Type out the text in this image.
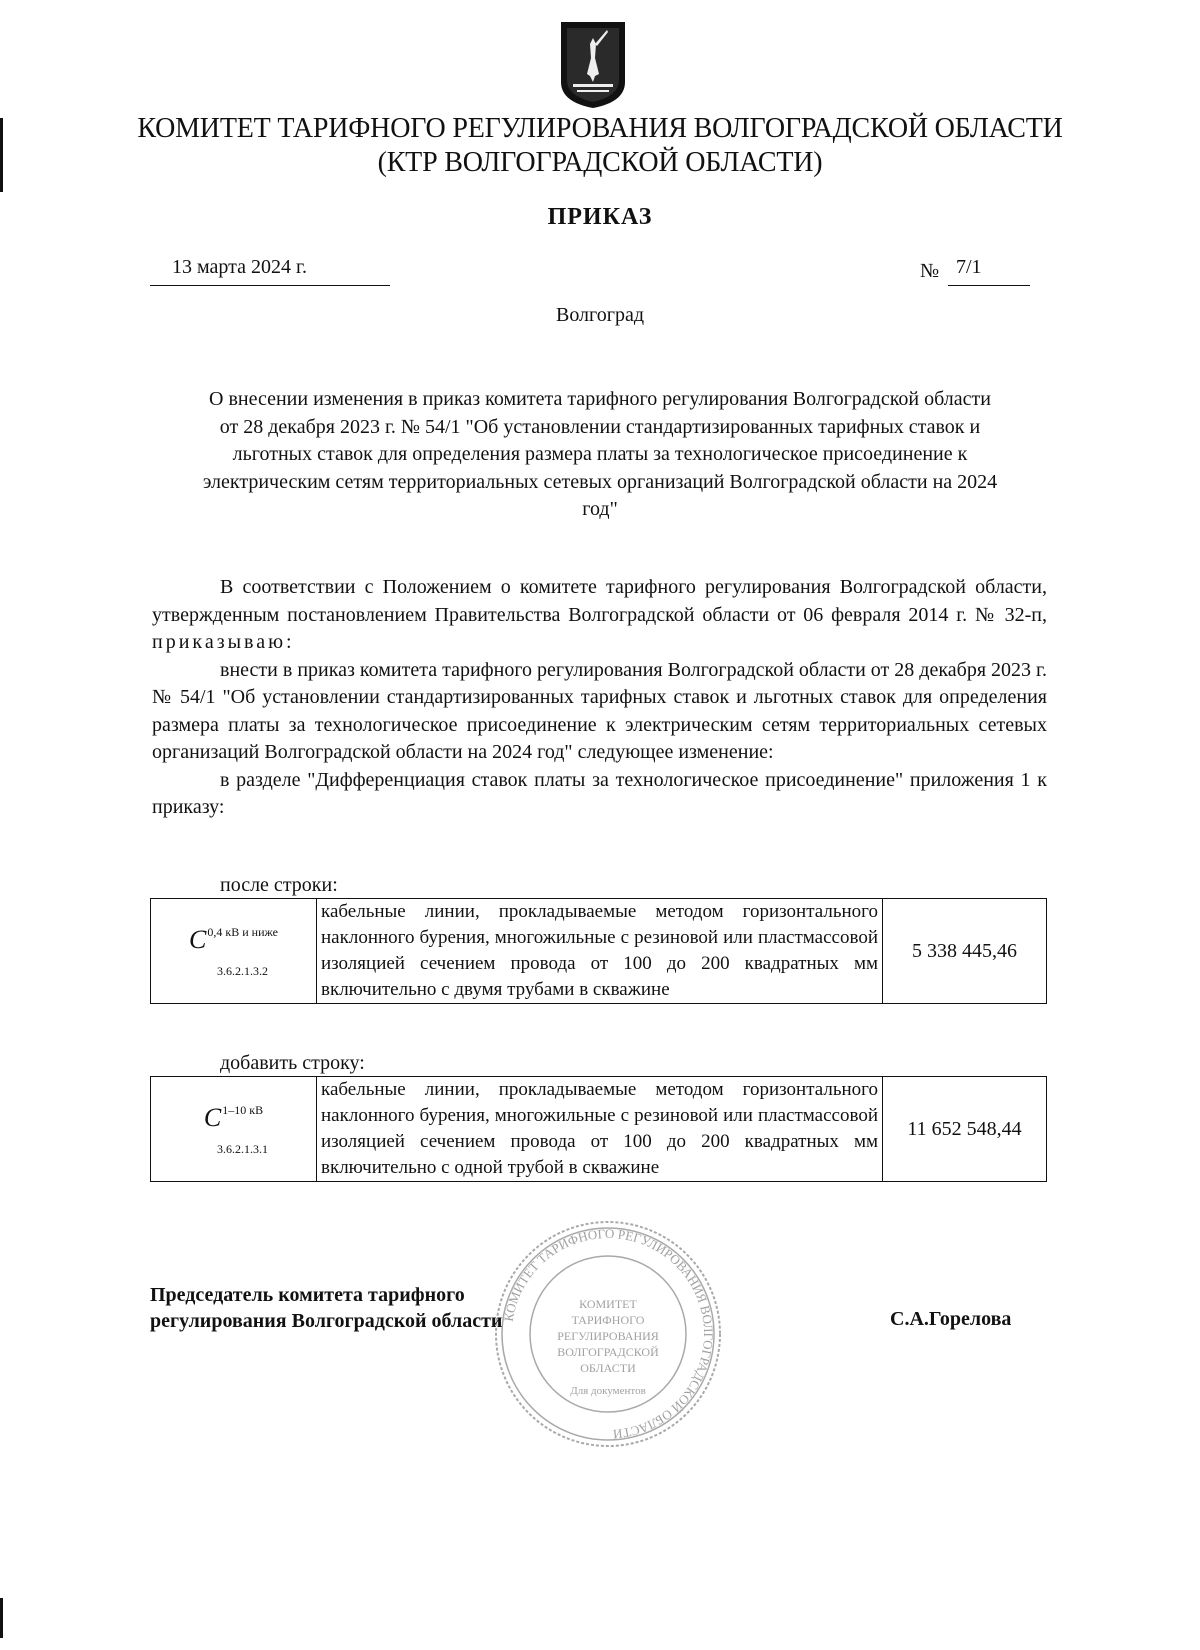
КОМИТЕТ ТАРИФНОГО РЕГУЛИРОВАНИЯ ВОЛГОГРАДСКОЙ ОБЛАСТИ
(КТР ВОЛГОГРАДСКОЙ ОБЛАСТИ)
ПРИКАЗ
13 марта 2024 г.	№ 7/1
Волгоград
О внесении изменения в приказ комитета тарифного регулирования Волгоградской области от 28 декабря 2023 г. № 54/1 "Об установлении стандартизированных тарифных ставок и льготных ставок для определения размера платы за технологическое присоединение к электрическим сетям территориальных сетевых организаций Волгоградской области на 2024 год"

В соответствии с Положением о комитете тарифного регулирования Волгоградской области, утвержденным постановлением Правительства Волгоградской области от 06 февраля 2014 г. № 32-п, приказываю:

внести в приказ комитета тарифного регулирования Волгоградской области от 28 декабря 2023 г. № 54/1 "Об установлении стандартизированных тарифных ставок и льготных ставок для определения размера платы за технологическое присоединение к электрическим сетям территориальных сетевых организаций Волгоградской области на 2024 год" следующее изменение:

в разделе "Дифференциация ставок платы за технологическое присоединение" приложения 1 к приказу:

после строки:
$C^{0,4 кВ и ниже}$
$_{3.6.2.1.3.2}$	кабельные линии, прокладываемые методом горизонтального наклонного бурения, многожильные с резиновой или пластмассовой изоляцией сечением провода от 100 до 200 квадратных мм включительно с двумя трубами в скважине	5 338 445,46
добавить строку:
$C^{1-10 кВ}$
$_{3.6.2.1.3.1}$	кабельные линии, прокладываемые методом горизонтального наклонного бурения, многожильные с резиновой или пластмассовой изоляцией сечением провода от 100 до 200 квадратных мм включительно с одной трубой в скважине	11 652 548,44
КОМИТЕТ ТАРИФНОГО РЕГУЛИРОВАНИЯ ВОЛГОГРАДСКОЙ ОБЛАСТИ
КОМИТЕТ
ТАРИФНОГО
РЕГУЛИРОВАНИЯ
ВОЛГОГРАДСКОЙ
ОБЛАСТИ
Для документов
Председатель комитета тарифного
регулирования Волгоградской области	С.А.Горелова
